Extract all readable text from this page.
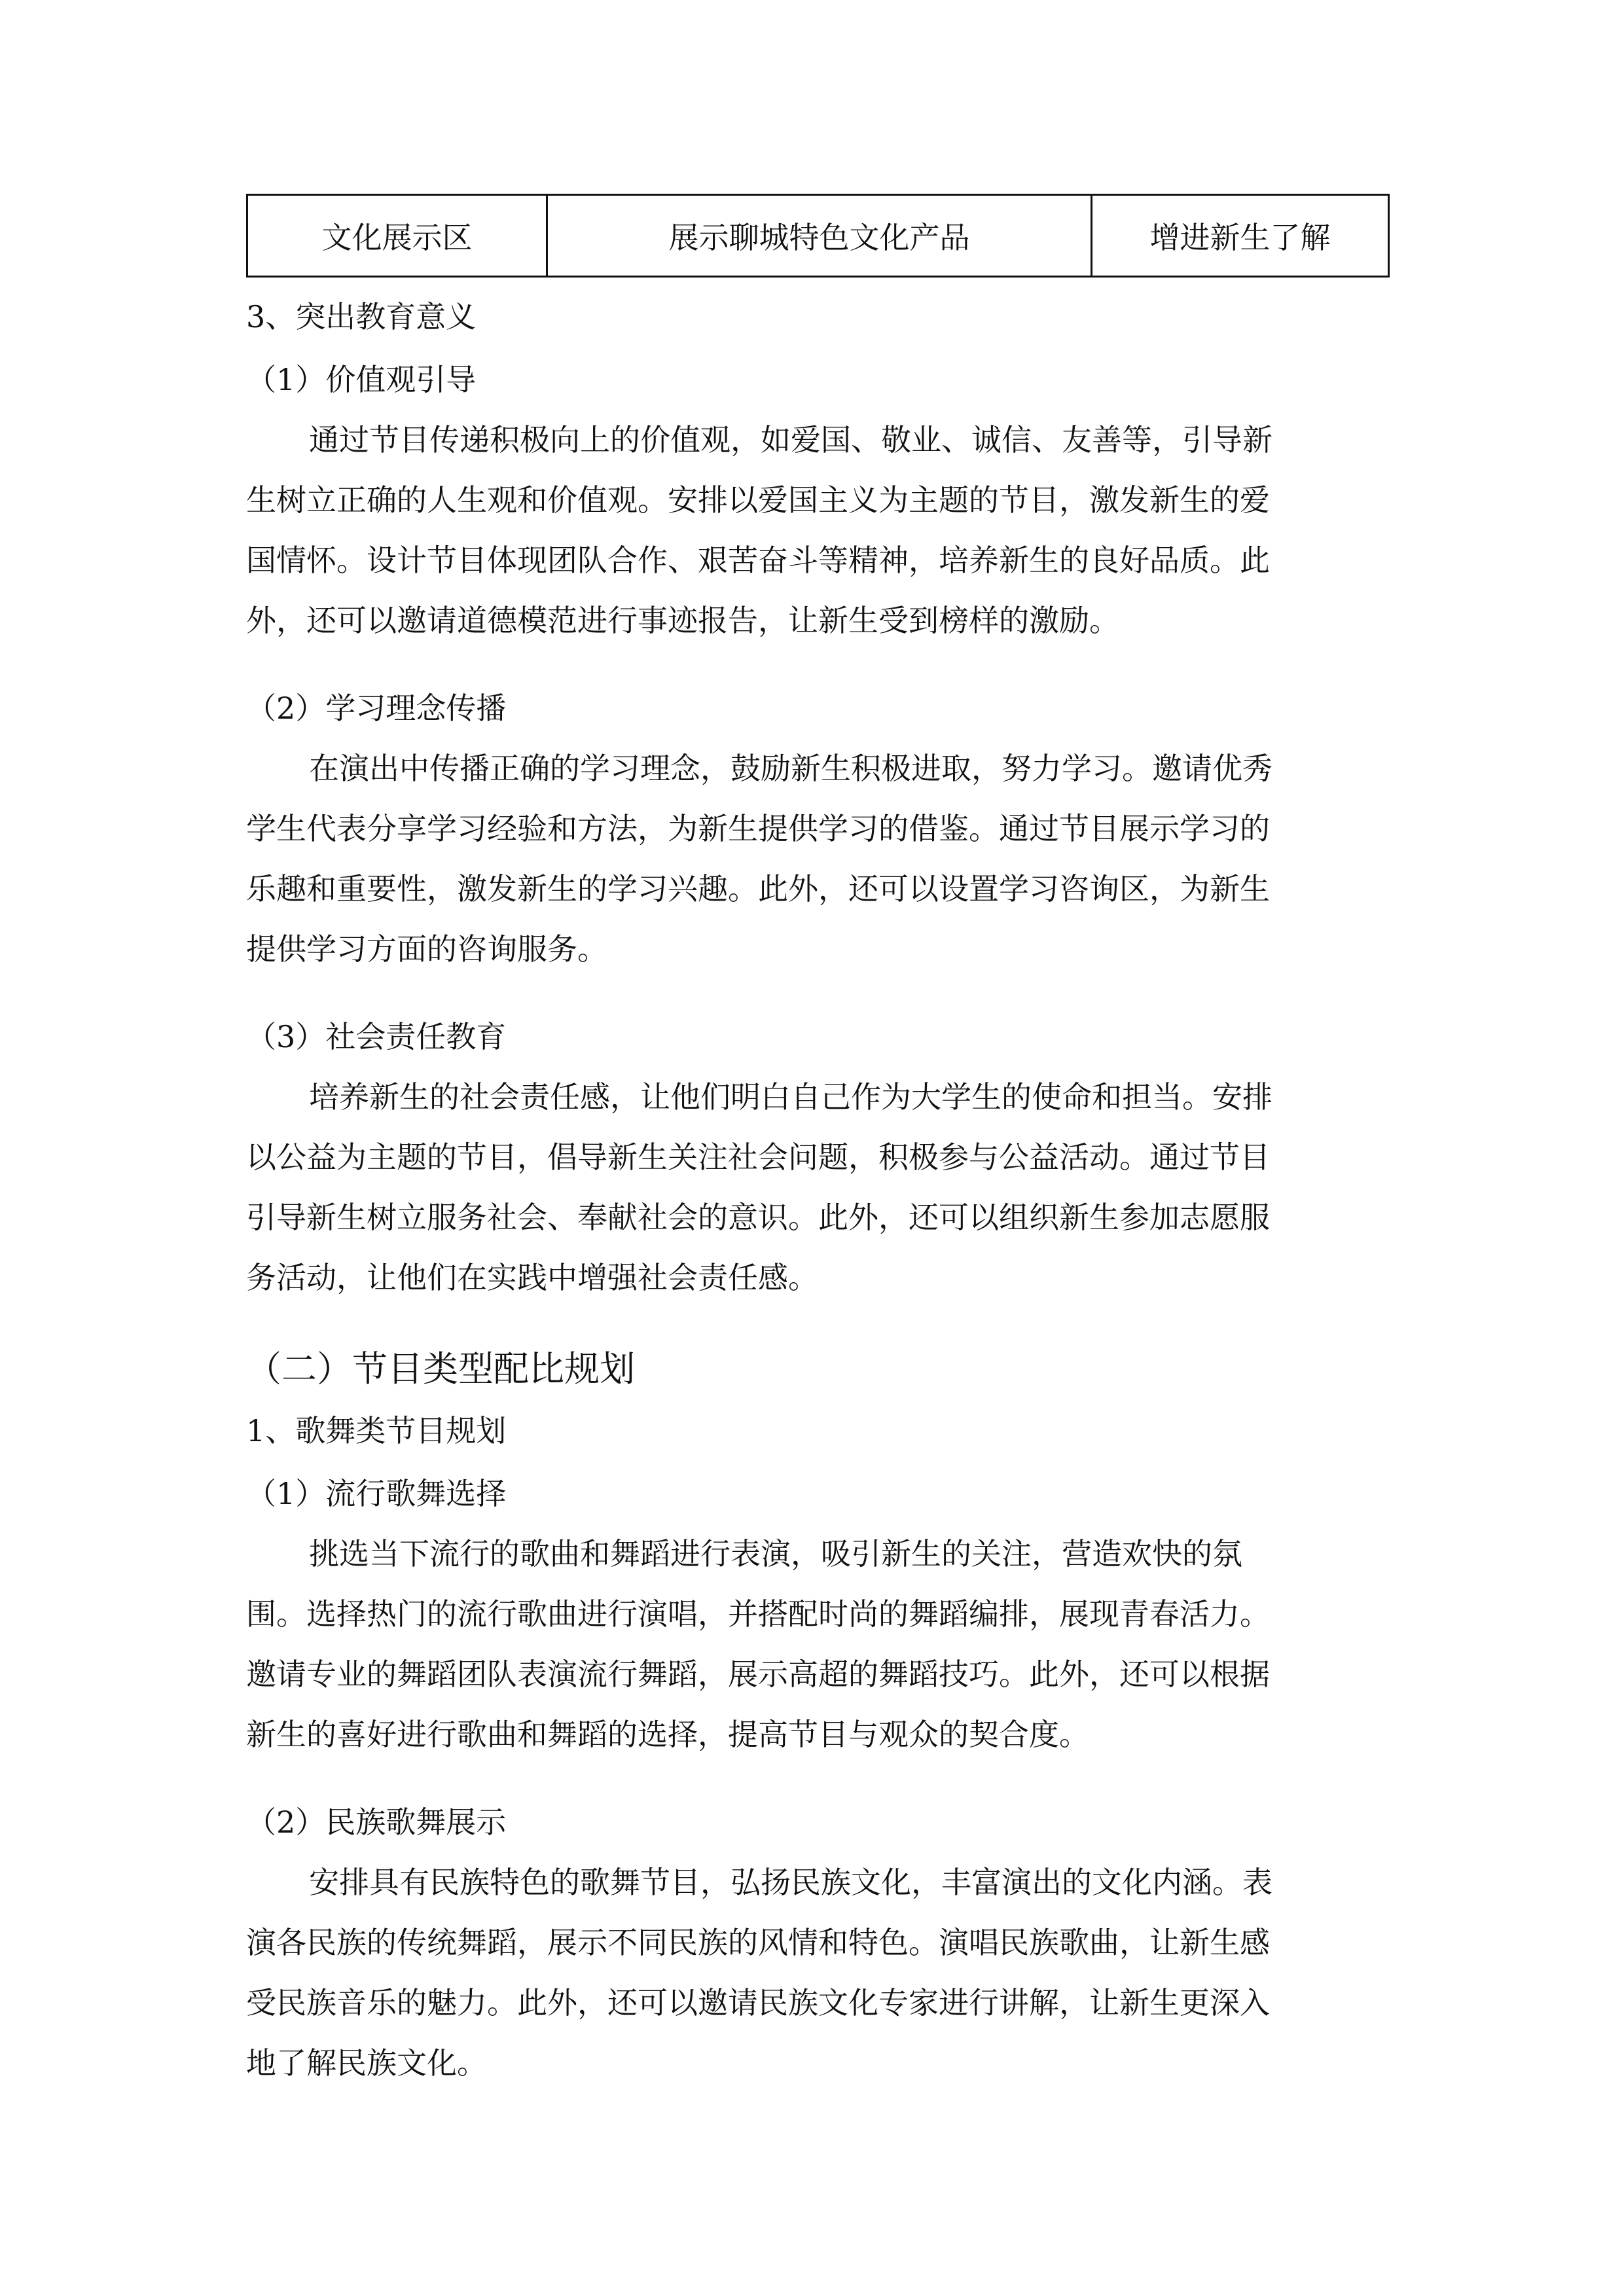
文化展示区	展示聊城特色文化产品	增进新生了解
3、突出教育意义
（1）价值观引导
通过节目传递积极向上的价值观，如爱国、敬业、诚信、友善等，引导新
生树立正确的人生观和价值观。安排以爱国主义为主题的节目，激发新生的爱
国情怀。设计节目体现团队合作、艰苦奋斗等精神，培养新生的良好品质。此
外，还可以邀请道德模范进行事迹报告，让新生受到榜样的激励。
（2）学习理念传播
在演出中传播正确的学习理念，鼓励新生积极进取，努力学习。邀请优秀
学生代表分享学习经验和方法，为新生提供学习的借鉴。通过节目展示学习的
乐趣和重要性，激发新生的学习兴趣。此外，还可以设置学习咨询区，为新生
提供学习方面的咨询服务。
（3）社会责任教育
培养新生的社会责任感，让他们明白自己作为大学生的使命和担当。安排
以公益为主题的节目，倡导新生关注社会问题，积极参与公益活动。通过节目
引导新生树立服务社会、奉献社会的意识。此外，还可以组织新生参加志愿服
务活动，让他们在实践中增强社会责任感。
（二）节目类型配比规划
1、歌舞类节目规划
（1）流行歌舞选择
挑选当下流行的歌曲和舞蹈进行表演，吸引新生的关注，营造欢快的氛
围。选择热门的流行歌曲进行演唱，并搭配时尚的舞蹈编排，展现青春活力。
邀请专业的舞蹈团队表演流行舞蹈，展示高超的舞蹈技巧。此外，还可以根据
新生的喜好进行歌曲和舞蹈的选择，提高节目与观众的契合度。
（2）民族歌舞展示
安排具有民族特色的歌舞节目，弘扬民族文化，丰富演出的文化内涵。表
演各民族的传统舞蹈，展示不同民族的风情和特色。演唱民族歌曲，让新生感
受民族音乐的魅力。此外，还可以邀请民族文化专家进行讲解，让新生更深入
地了解民族文化。
